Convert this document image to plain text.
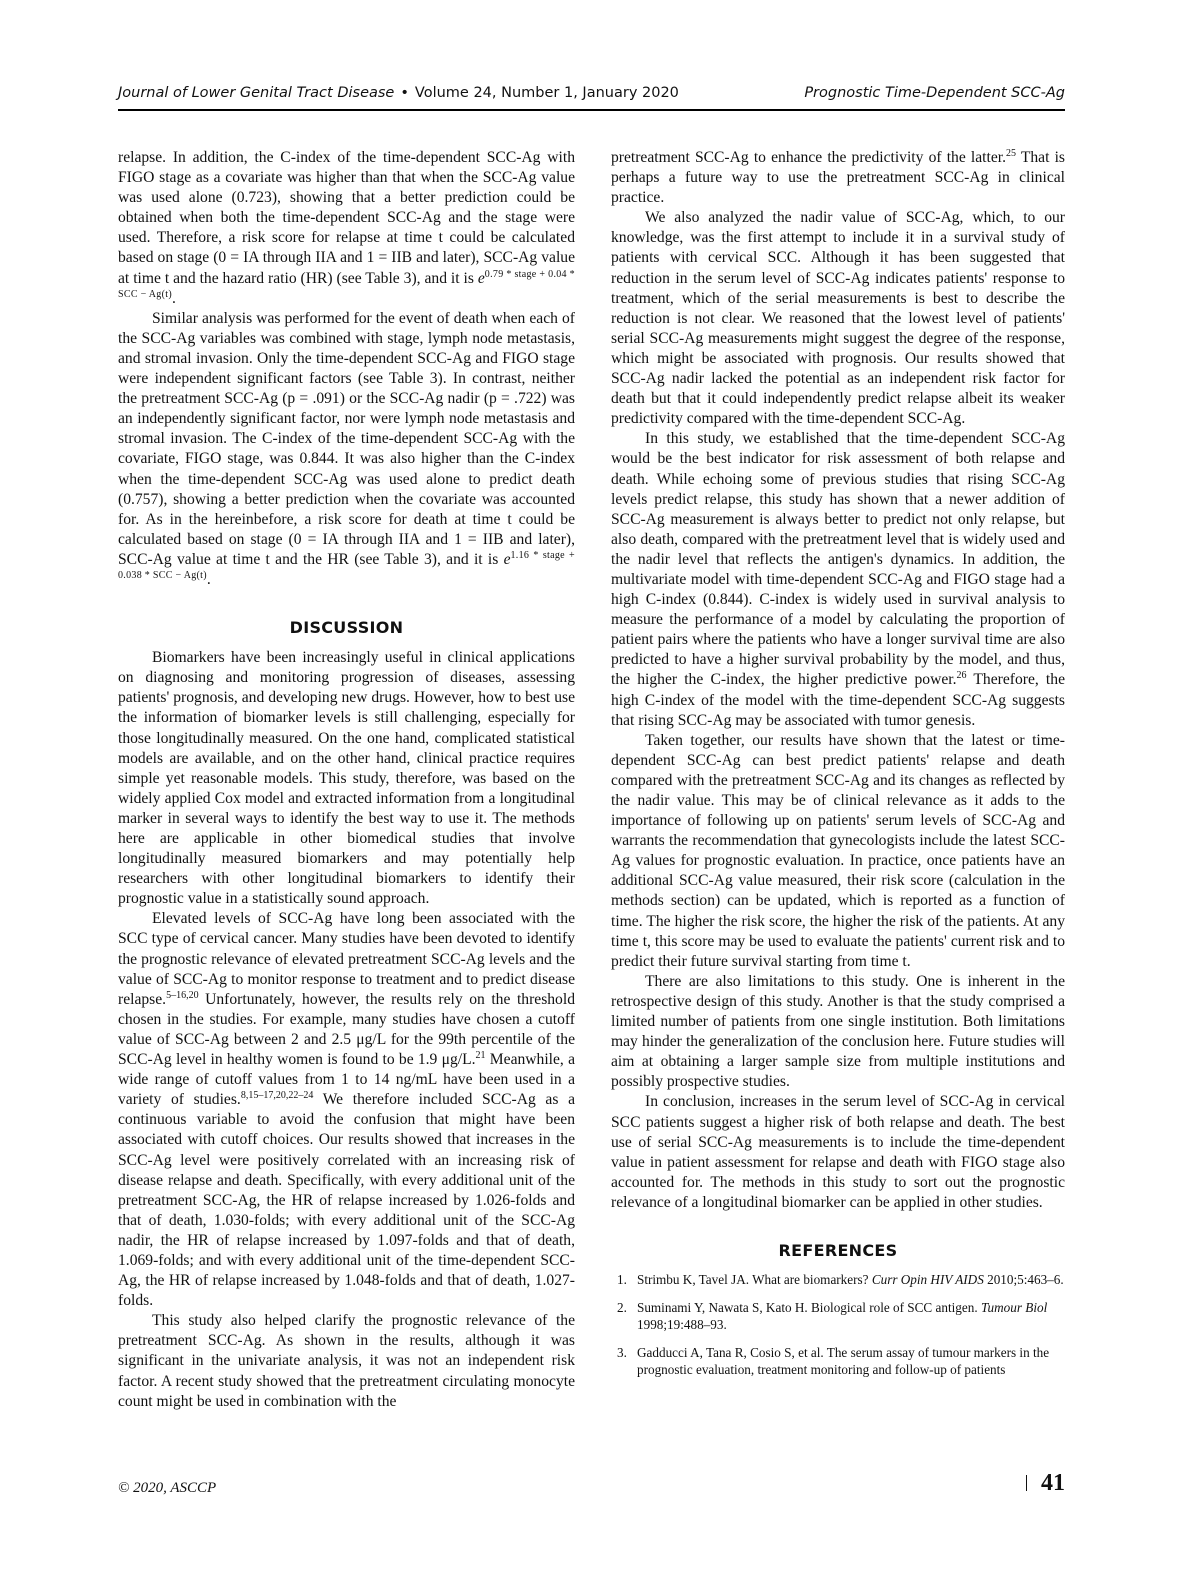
Journal of Lower Genital Tract Disease • Volume 24, Number 1, January 2020	Prognostic Time-Dependent SCC-Ag

relapse. In addition, the C-index of the time-dependent SCC-Ag with FIGO stage as a covariate was higher than that when the SCC-Ag value was used alone (0.723), showing that a better prediction could be obtained when both the time-dependent SCC-Ag and the stage were used. Therefore, a risk score for relapse at time t could be calculated based on stage (0 = IA through IIA and 1 = IIB and later), SCC-Ag value at time t and the hazard ratio (HR) (see Table 3), and it is $e^{0.79 * stage + 0.04 * SCC - Ag(t)}$.

Similar analysis was performed for the event of death when each of the SCC-Ag variables was combined with stage, lymph node metastasis, and stromal invasion. Only the time-dependent SCC-Ag and FIGO stage were independent significant factors (see Table 3). In contrast, neither the pretreatment SCC-Ag (p = .091) or the SCC-Ag nadir (p = .722) was an independently significant factor, nor were lymph node metastasis and stromal invasion. The C-index of the time-dependent SCC-Ag with the covariate, FIGO stage, was 0.844. It was also higher than the C-index when the time-dependent SCC-Ag was used alone to predict death (0.757), showing a better prediction when the covariate was accounted for. As in the hereinbefore, a risk score for death at time t could be calculated based on stage (0 = IA through IIA and 1 = IIB and later), SCC-Ag value at time t and the HR (see Table 3), and it is $e^{1.16 * stage + 0.038 * SCC - Ag(t)}$.

DISCUSSION

Biomarkers have been increasingly useful in clinical applications on diagnosing and monitoring progression of diseases, assessing patients' prognosis, and developing new drugs. However, how to best use the information of biomarker levels is still challenging, especially for those longitudinally measured. On the one hand, complicated statistical models are available, and on the other hand, clinical practice requires simple yet reasonable models. This study, therefore, was based on the widely applied Cox model and extracted information from a longitudinal marker in several ways to identify the best way to use it. The methods here are applicable in other biomedical studies that involve longitudinally measured biomarkers and may potentially help researchers with other longitudinal biomarkers to identify their prognostic value in a statistically sound approach.

Elevated levels of SCC-Ag have long been associated with the SCC type of cervical cancer. Many studies have been devoted to identify the prognostic relevance of elevated pretreatment SCC-Ag levels and the value of SCC-Ag to monitor response to treatment and to predict disease relapse.$^{5-16,20}$ Unfortunately, however, the results rely on the threshold chosen in the studies. For example, many studies have chosen a cutoff value of SCC-Ag between 2 and 2.5 μg/L for the 99th percentile of the SCC-Ag level in healthy women is found to be 1.9 μg/L.$^{21}$ Meanwhile, a wide range of cutoff values from 1 to 14 ng/mL have been used in a variety of studies.$^{8,15-17,20,22-24}$ We therefore included SCC-Ag as a continuous variable to avoid the confusion that might have been associated with cutoff choices. Our results showed that increases in the SCC-Ag level were positively correlated with an increasing risk of disease relapse and death. Specifically, with every additional unit of the pretreatment SCC-Ag, the HR of relapse increased by 1.026-folds and that of death, 1.030-folds; with every additional unit of the SCC-Ag nadir, the HR of relapse increased by 1.097-folds and that of death, 1.069-folds; and with every additional unit of the time-dependent SCC-Ag, the HR of relapse increased by 1.048-folds and that of death, 1.027-folds.

This study also helped clarify the prognostic relevance of the pretreatment SCC-Ag. As shown in the results, although it was significant in the univariate analysis, it was not an independent risk factor. A recent study showed that the pretreatment circulating monocyte count might be used in combination with the

pretreatment SCC-Ag to enhance the predictivity of the latter.$^{25}$ That is perhaps a future way to use the pretreatment SCC-Ag in clinical practice.

We also analyzed the nadir value of SCC-Ag, which, to our knowledge, was the first attempt to include it in a survival study of patients with cervical SCC. Although it has been suggested that reduction in the serum level of SCC-Ag indicates patients' response to treatment, which of the serial measurements is best to describe the reduction is not clear. We reasoned that the lowest level of patients' serial SCC-Ag measurements might suggest the degree of the response, which might be associated with prognosis. Our results showed that SCC-Ag nadir lacked the potential as an independent risk factor for death but that it could independently predict relapse albeit its weaker predictivity compared with the time-dependent SCC-Ag.

In this study, we established that the time-dependent SCC-Ag would be the best indicator for risk assessment of both relapse and death. While echoing some of previous studies that rising SCC-Ag levels predict relapse, this study has shown that a newer addition of SCC-Ag measurement is always better to predict not only relapse, but also death, compared with the pretreatment level that is widely used and the nadir level that reflects the antigen's dynamics. In addition, the multivariate model with time-dependent SCC-Ag and FIGO stage had a high C-index (0.844). C-index is widely used in survival analysis to measure the performance of a model by calculating the proportion of patient pairs where the patients who have a longer survival time are also predicted to have a higher survival probability by the model, and thus, the higher the C-index, the higher predictive power.$^{26}$ Therefore, the high C-index of the model with the time-dependent SCC-Ag suggests that rising SCC-Ag may be associated with tumor genesis.

Taken together, our results have shown that the latest or time-dependent SCC-Ag can best predict patients' relapse and death compared with the pretreatment SCC-Ag and its changes as reflected by the nadir value. This may be of clinical relevance as it adds to the importance of following up on patients' serum levels of SCC-Ag and warrants the recommendation that gynecologists include the latest SCC-Ag values for prognostic evaluation. In practice, once patients have an additional SCC-Ag value measured, their risk score (calculation in the methods section) can be updated, which is reported as a function of time. The higher the risk score, the higher the risk of the patients. At any time t, this score may be used to evaluate the patients' current risk and to predict their future survival starting from time t.

There are also limitations to this study. One is inherent in the retrospective design of this study. Another is that the study comprised a limited number of patients from one single institution. Both limitations may hinder the generalization of the conclusion here. Future studies will aim at obtaining a larger sample size from multiple institutions and possibly prospective studies.

In conclusion, increases in the serum level of SCC-Ag in cervical SCC patients suggest a higher risk of both relapse and death. The best use of serial SCC-Ag measurements is to include the time-dependent value in patient assessment for relapse and death with FIGO stage also accounted for. The methods in this study to sort out the prognostic relevance of a longitudinal biomarker can be applied in other studies.

REFERENCES
1. Strimbu K, Tavel JA. What are biomarkers? Curr Opin HIV AIDS 2010;5:463–6.
2. Suminami Y, Nawata S, Kato H. Biological role of SCC antigen. Tumour Biol 1998;19:488–93.
3. Gadducci A, Tana R, Cosio S, et al. The serum assay of tumour markers in the prognostic evaluation, treatment monitoring and follow-up of patients
© 2020, ASCCP	41
